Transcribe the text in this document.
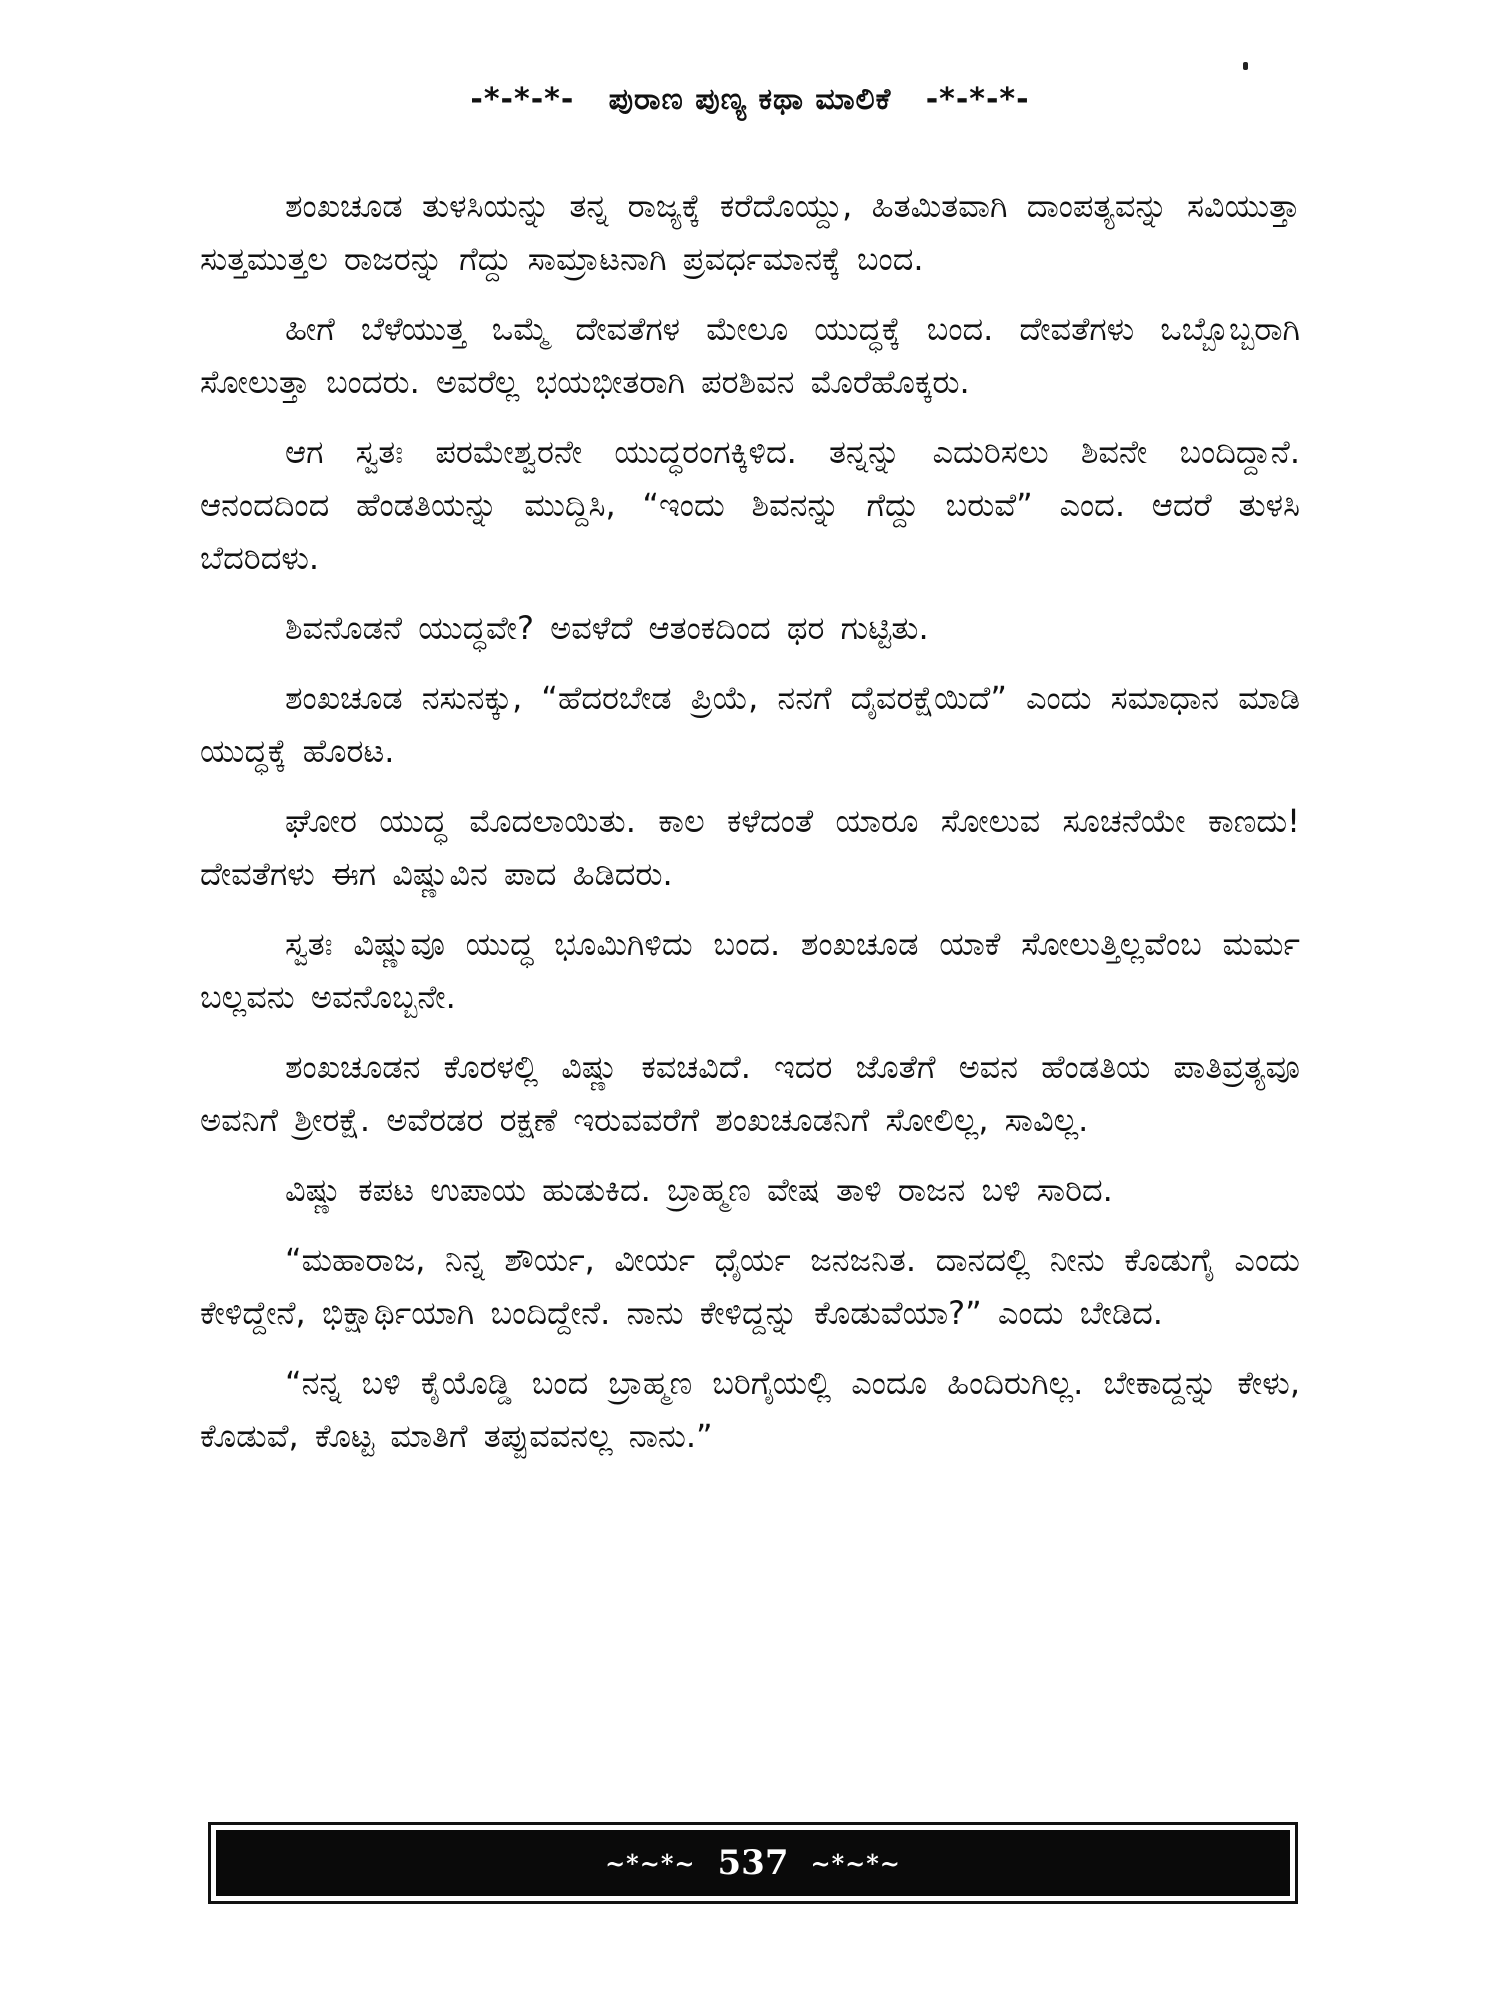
-*-*-*- ಪುರಾಣ ಪುಣ್ಯ ಕಥಾ ಮಾಲಿಕೆ -*-*-*-

ಶಂಖಚೂಡ ತುಳಸಿಯನ್ನು ತನ್ನ ರಾಜ್ಯಕ್ಕೆ ಕರೆದೊಯ್ದು, ಹಿತಮಿತವಾಗಿ ದಾಂಪತ್ಯವನ್ನು ಸವಿಯುತ್ತಾ ಸುತ್ತಮುತ್ತಲ ರಾಜರನ್ನು ಗೆದ್ದು ಸಾಮ್ರಾಟನಾಗಿ ಪ್ರವರ್ಧಮಾನಕ್ಕೆ ಬಂದ.

ಹೀಗೆ ಬೆಳೆಯುತ್ತ ಒಮ್ಮೆ ದೇವತೆಗಳ ಮೇಲೂ ಯುದ್ಧಕ್ಕೆ ಬಂದ. ದೇವತೆಗಳು ಒಬ್ಬೊಬ್ಬರಾಗಿ ಸೋಲುತ್ತಾ ಬಂದರು. ಅವರೆಲ್ಲ ಭಯಭೀತರಾಗಿ ಪರಶಿವನ ಮೊರೆಹೊಕ್ಕರು.

ಆಗ ಸ್ವತಃ ಪರಮೇಶ್ವರನೇ ಯುದ್ಧರಂಗಕ್ಕಿಳಿದ. ತನ್ನನ್ನು ಎದುರಿಸಲು ಶಿವನೇ ಬಂದಿದ್ದಾನೆ. ಆನಂದದಿಂದ ಹೆಂಡತಿಯನ್ನು ಮುದ್ದಿಸಿ, “ಇಂದು ಶಿವನನ್ನು ಗೆದ್ದು ಬರುವೆ” ಎಂದ. ಆದರೆ ತುಳಸಿ ಬೆದರಿದಳು.

ಶಿವನೊಡನೆ ಯುದ್ಧವೇ? ಅವಳೆದೆ ಆತಂಕದಿಂದ ಥರ ಗುಟ್ಟಿತು.

ಶಂಖಚೂಡ ನಸುನಕ್ಕು, “ಹೆದರಬೇಡ ಪ್ರಿಯೆ, ನನಗೆ ದೈವರಕ್ಷೆಯಿದೆ” ಎಂದು ಸಮಾಧಾನ ಮಾಡಿ ಯುದ್ಧಕ್ಕೆ ಹೊರಟ.

ಘೋರ ಯುದ್ಧ ಮೊದಲಾಯಿತು. ಕಾಲ ಕಳೆದಂತೆ ಯಾರೂ ಸೋಲುವ ಸೂಚನೆಯೇ ಕಾಣದು! ದೇವತೆಗಳು ಈಗ ವಿಷ್ಣುವಿನ ಪಾದ ಹಿಡಿದರು.

ಸ್ವತಃ ವಿಷ್ಣುವೂ ಯುದ್ಧ ಭೂಮಿಗಿಳಿದು ಬಂದ. ಶಂಖಚೂಡ ಯಾಕೆ ಸೋಲುತ್ತಿಲ್ಲವೆಂಬ ಮರ್ಮ ಬಲ್ಲವನು ಅವನೊಬ್ಬನೇ.

ಶಂಖಚೂಡನ ಕೊರಳಲ್ಲಿ ವಿಷ್ಣು ಕವಚವಿದೆ. ಇದರ ಜೊತೆಗೆ ಅವನ ಹೆಂಡತಿಯ ಪಾತಿವ್ರತ್ಯವೂ ಅವನಿಗೆ ಶ್ರೀರಕ್ಷೆ. ಅವೆರಡರ ರಕ್ಷಣೆ ಇರುವವರೆಗೆ ಶಂಖಚೂಡನಿಗೆ ಸೋಲಿಲ್ಲ, ಸಾವಿಲ್ಲ.

ವಿಷ್ಣು ಕಪಟ ಉಪಾಯ ಹುಡುಕಿದ. ಬ್ರಾಹ್ಮಣ ವೇಷ ತಾಳಿ ರಾಜನ ಬಳಿ ಸಾರಿದ.

“ಮಹಾರಾಜ, ನಿನ್ನ ಶೌರ್ಯ, ವೀರ್ಯ ಧೈರ್ಯ ಜನಜನಿತ. ದಾನದಲ್ಲಿ ನೀನು ಕೊಡುಗೈ ಎಂದು ಕೇಳಿದ್ದೇನೆ, ಭಿಕ್ಷಾರ್ಥಿಯಾಗಿ ಬಂದಿದ್ದೇನೆ. ನಾನು ಕೇಳಿದ್ದನ್ನು ಕೊಡುವೆಯಾ?” ಎಂದು ಬೇಡಿದ.

“ನನ್ನ ಬಳಿ ಕೈಯೊಡ್ಡಿ ಬಂದ ಬ್ರಾಹ್ಮಣ ಬರಿಗೈಯಲ್ಲಿ ಎಂದೂ ಹಿಂದಿರುಗಿಲ್ಲ. ಬೇಕಾದ್ದನ್ನು ಕೇಳು, ಕೊಡುವೆ, ಕೊಟ್ಟ ಮಾತಿಗೆ ತಪ್ಪುವವನಲ್ಲ ನಾನು.”

~*~*~ 537 ~*~*~
